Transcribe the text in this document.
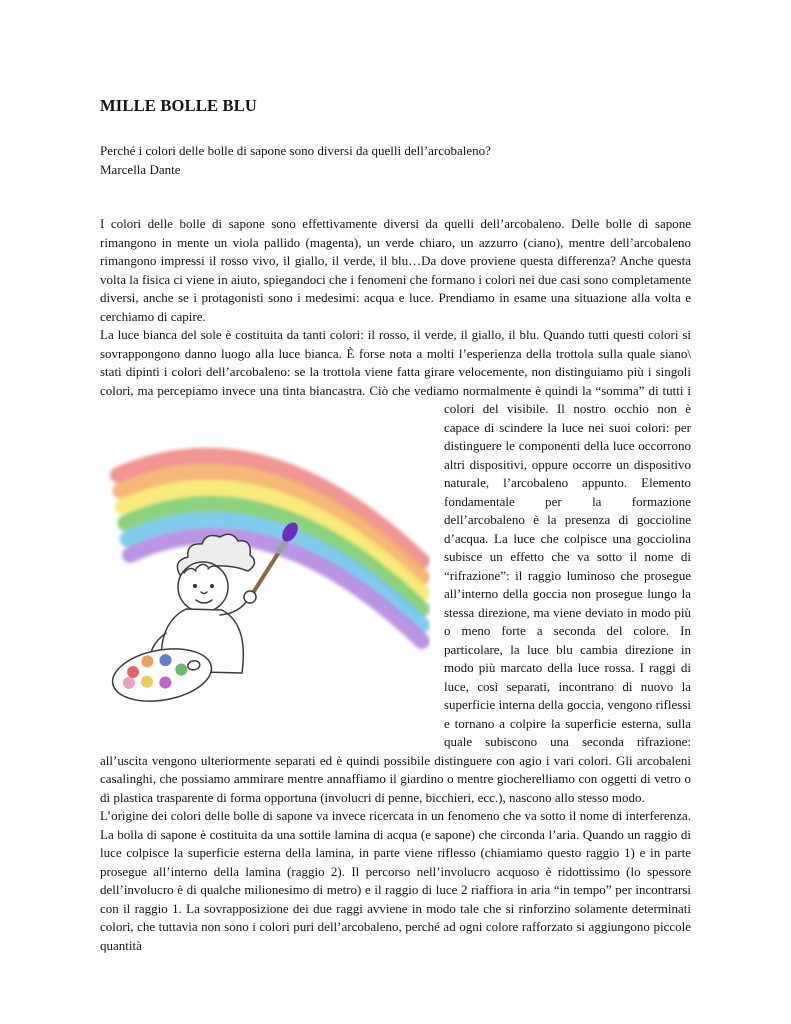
MILLE BOLLE BLU

Perché i colori delle bolle di sapone sono diversi da quelli dell’arcobaleno?

Marcella Dante

I colori delle bolle di sapone sono effettivamente diversi da quelli dell’arcobaleno. Delle bolle di sapone rimangono in mente un viola pallido (magenta), un verde chiaro, un azzurro (ciano), mentre dell’arcobaleno rimangono impressi il rosso vivo, il giallo, il verde, il blu…Da dove proviene questa differenza? Anche questa volta la fisica ci viene in aiuto, spiegandoci che i fenomeni che formano i colori nei due casi sono completamente diversi, anche se i protagonisti sono i medesimi: acqua e luce. Prendiamo in esame una situazione alla volta e cerchiamo di capire.

La luce bianca del sole è costituita da tanti colori: il rosso, il verde, il giallo, il blu. Quando tutti questi colori si sovrappongono danno luogo alla luce bianca. È forse nota a molti l’esperienza della trottola sulla quale siano\ stati dipinti i colori dell’arcobaleno: se la trottola viene fatta girare velocemente, non distinguiamo più i singoli colori, ma percepiamo invece una tinta biancastra. Ciò che vediamo normalmente è quindi la “somma” di tutti i colori del visibile. Il nostro occhio non è
capace di scindere la luce nei suoi colori: per distinguere le componenti della luce occorrono altri dispositivi, oppure occorre un dispositivo naturale, l’arcobaleno appunto. Elemento fondamentale per la formazione dell’arcobaleno è la presenza di goccioline d’acqua. La luce che colpisce una gocciolina subisce un effetto che va sotto il nome di “rifrazione”: il raggio luminoso che prosegue all’interno della goccia non prosegue lungo la stessa direzione, ma viene deviato in modo più o meno forte a seconda del colore. In particolare, la luce blu cambia direzione in modo più marcato della luce rossa. I raggi di luce, così separati, incontrano di nuovo la superficie interna della goccia, vengono riflessi e tornano a colpire la superficie esterna, sulla quale subiscono una seconda rifrazione: all’uscita vengono ulteriormente separati ed è quindi possibile distinguere con agio i vari colori. Gli arcobaleni casalinghi, che possiamo ammirare mentre annaffiamo il giardino o mentre giocherelliamo con oggetti di vetro o di plastica trasparente di forma opportuna (involucri di penne, bicchieri, ecc.), nascono allo stesso modo.

L’origine dei colori delle bolle di sapone va invece ricercata in un fenomeno che va sotto il nome di interferenza. La bolla di sapone è costituita da una sottile lamina di acqua (e sapone) che circonda l’aria. Quando un raggio di luce colpisce la superficie esterna della lamina, in parte viene riflesso (chiamiamo questo raggio 1) e in parte prosegue all’interno della lamina (raggio 2). Il percorso nell’involucro acquoso è ridottissimo (lo spessore dell’involucro è di qualche milionesimo di metro) e il raggio di luce 2 riaffiora in aria “in tempo” per incontrarsi con il raggio 1. La sovrapposizione dei due raggi avviene in modo tale che si rinforzino solamente determinati colori, che tuttavia non sono i colori puri dell’arcobaleno, perché ad ogni colore rafforzato si aggiungono piccole quantità
